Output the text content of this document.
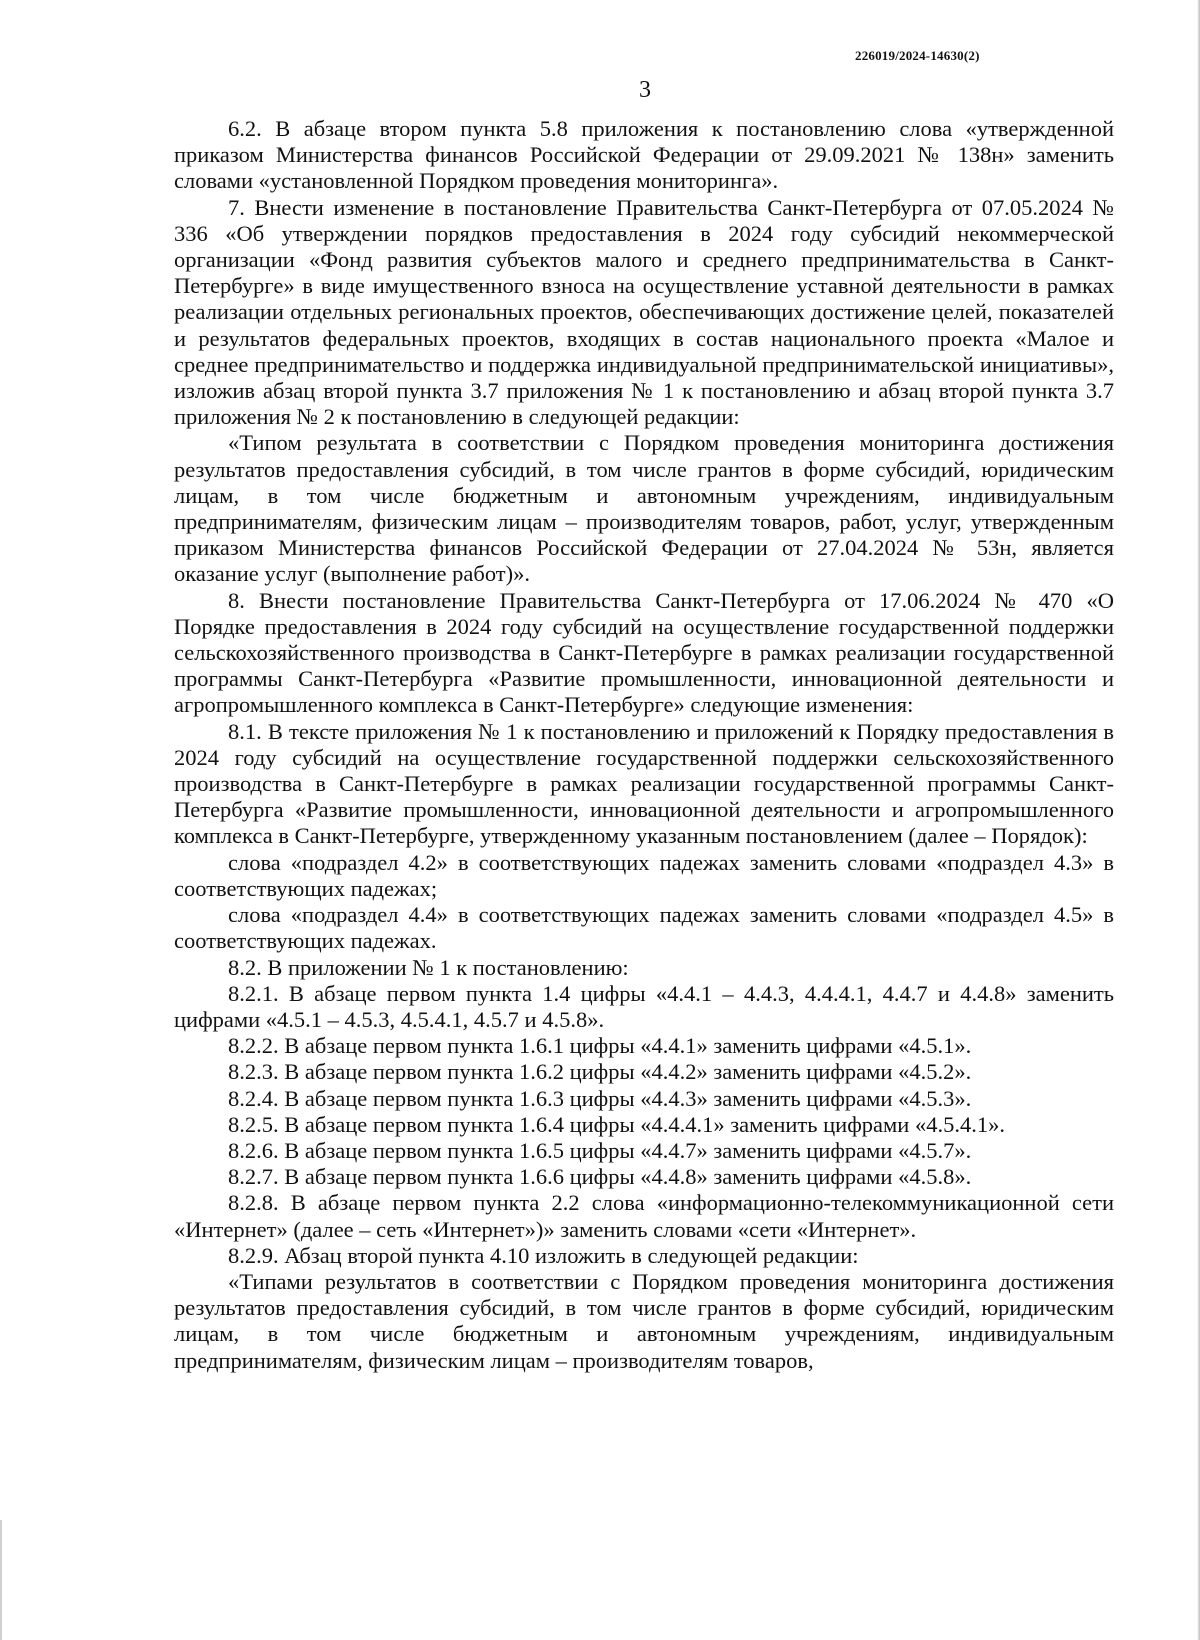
226019/2024-14630(2)
3

6.2. В абзаце втором пункта 5.8 приложения к постановлению слова «утвержденной приказом Министерства финансов Российской Федерации от 29.09.2021 № 138н» заменить словами «установленной Порядком проведения мониторинга».

7. Внести изменение в постановление Правительства Санкт-Петербурга от 07.05.2024 № 336 «Об утверждении порядков предоставления в 2024 году субсидий некоммерческой организации «Фонд развития субъектов малого и среднего предпринимательства в Санкт-Петербурге» в виде имущественного взноса на осуществление уставной деятельности в рамках реализации отдельных региональных проектов, обеспечивающих достижение целей, показателей и результатов федеральных проектов, входящих в состав национального проекта «Малое и среднее предпринимательство и поддержка индивидуальной предпринимательской инициативы», изложив абзац второй пункта 3.7 приложения № 1 к постановлению и абзац второй пункта 3.7 приложения № 2 к постановлению в следующей редакции:

«Типом результата в соответствии с Порядком проведения мониторинга достижения результатов предоставления субсидий, в том числе грантов в форме субсидий, юридическим лицам, в том числе бюджетным и автономным учреждениям, индивидуальным предпринимателям, физическим лицам – производителям товаров, работ, услуг, утвержденным приказом Министерства финансов Российской Федерации от 27.04.2024 № 53н, является оказание услуг (выполнение работ)».

8. Внести постановление Правительства Санкт-Петербурга от 17.06.2024 № 470 «О Порядке предоставления в 2024 году субсидий на осуществление государственной поддержки сельскохозяйственного производства в Санкт-Петербурге в рамках реализации государственной программы Санкт-Петербурга «Развитие промышленности, инновационной деятельности и агропромышленного комплекса в Санкт-Петербурге» следующие изменения:

8.1. В тексте приложения № 1 к постановлению и приложений к Порядку предоставления в 2024 году субсидий на осуществление государственной поддержки сельскохозяйственного производства в Санкт-Петербурге в рамках реализации государственной программы Санкт-Петербурга «Развитие промышленности, инновационной деятельности и агропромышленного комплекса в Санкт-Петербурге, утвержденному указанным постановлением (далее – Порядок):

слова «подраздел 4.2» в соответствующих падежах заменить словами «подраздел 4.3» в соответствующих падежах;

слова «подраздел 4.4» в соответствующих падежах заменить словами «подраздел 4.5» в соответствующих падежах.

8.2. В приложении № 1 к постановлению:

8.2.1. В абзаце первом пункта 1.4 цифры «4.4.1 – 4.4.3, 4.4.4.1, 4.4.7 и 4.4.8» заменить цифрами «4.5.1 – 4.5.3, 4.5.4.1, 4.5.7 и 4.5.8».

8.2.2. В абзаце первом пункта 1.6.1 цифры «4.4.1» заменить цифрами «4.5.1».

8.2.3. В абзаце первом пункта 1.6.2 цифры «4.4.2» заменить цифрами «4.5.2».

8.2.4. В абзаце первом пункта 1.6.3 цифры «4.4.3» заменить цифрами «4.5.3».

8.2.5. В абзаце первом пункта 1.6.4 цифры «4.4.4.1» заменить цифрами «4.5.4.1».

8.2.6. В абзаце первом пункта 1.6.5 цифры «4.4.7» заменить цифрами «4.5.7».

8.2.7. В абзаце первом пункта 1.6.6 цифры «4.4.8» заменить цифрами «4.5.8».

8.2.8. В абзаце первом пункта 2.2 слова «информационно-телекоммуникационной сети «Интернет» (далее – сеть «Интернет»)» заменить словами «сети «Интернет».

8.2.9. Абзац второй пункта 4.10 изложить в следующей редакции:

«Типами результатов в соответствии с Порядком проведения мониторинга достижения результатов предоставления субсидий, в том числе грантов в форме субсидий, юридическим лицам, в том числе бюджетным и автономным учреждениям, индивидуальным предпринимателям, физическим лицам – производителям товаров,
